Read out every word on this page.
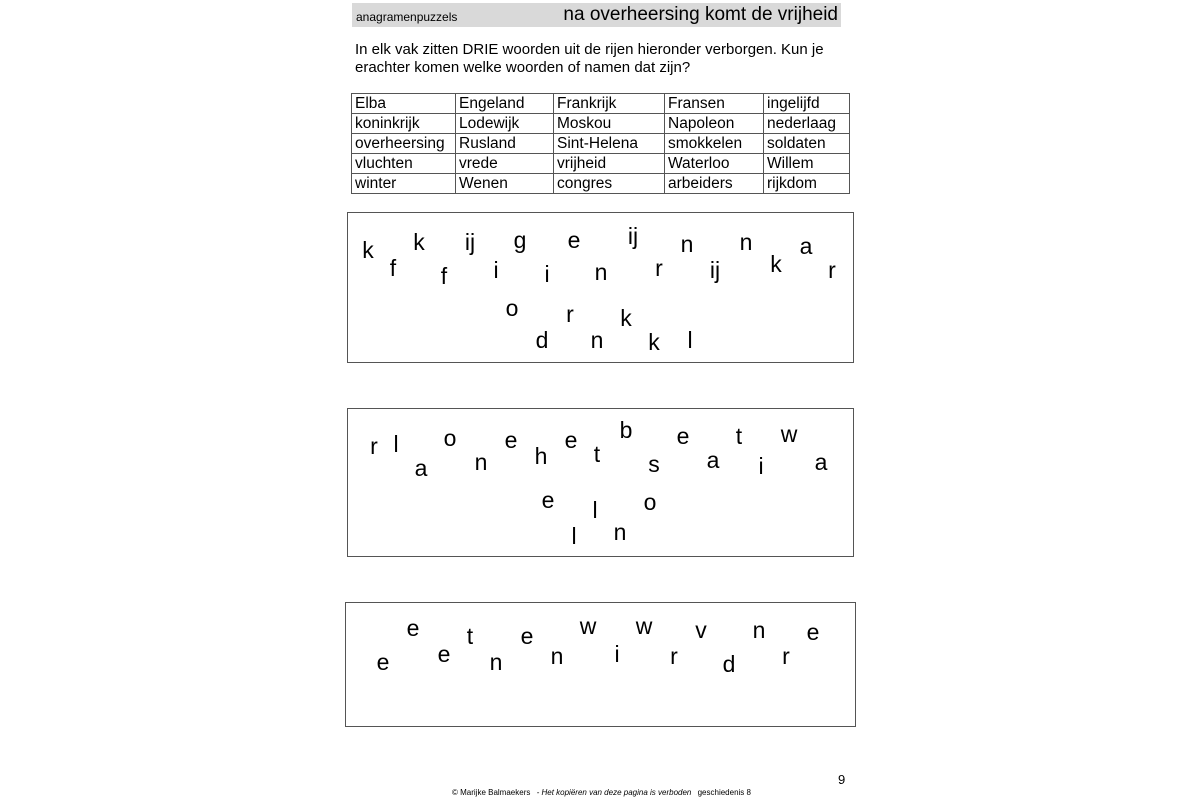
anagramenpuzzels	na overheersing komt de vrijheid
In elk vak zitten DRIE woorden uit de rijen hieronder verborgen. Kun je erachter komen welke woorden of namen dat zijn?
Elba	Engeland	Frankrijk	Fransen	ingelijfd
koninkrijk	Lodewijk	Moskou	Napoleon	nederlaag
overheersing	Rusland	Sint-Helena	smokkelen	soldaten
vluchten	vrede	vrijheid	Waterloo	Willem
winter	Wenen	congres	arbeiders	rijkdom
k
f
k
f
ij
i
g
i
e
n
ij
r
n
ij
n
k
a
r
o r k
d n k l
r l
a
o
n
e
h
e
t
b
s
e
a
t
i
w
a
e l
l
o
n
e
e
e
t
n
e
n
w
i
w
r
v
d
n
r
e
9
© Marijke Balmaekers - Het kopiëren van deze pagina is verboden geschiedenis 8
